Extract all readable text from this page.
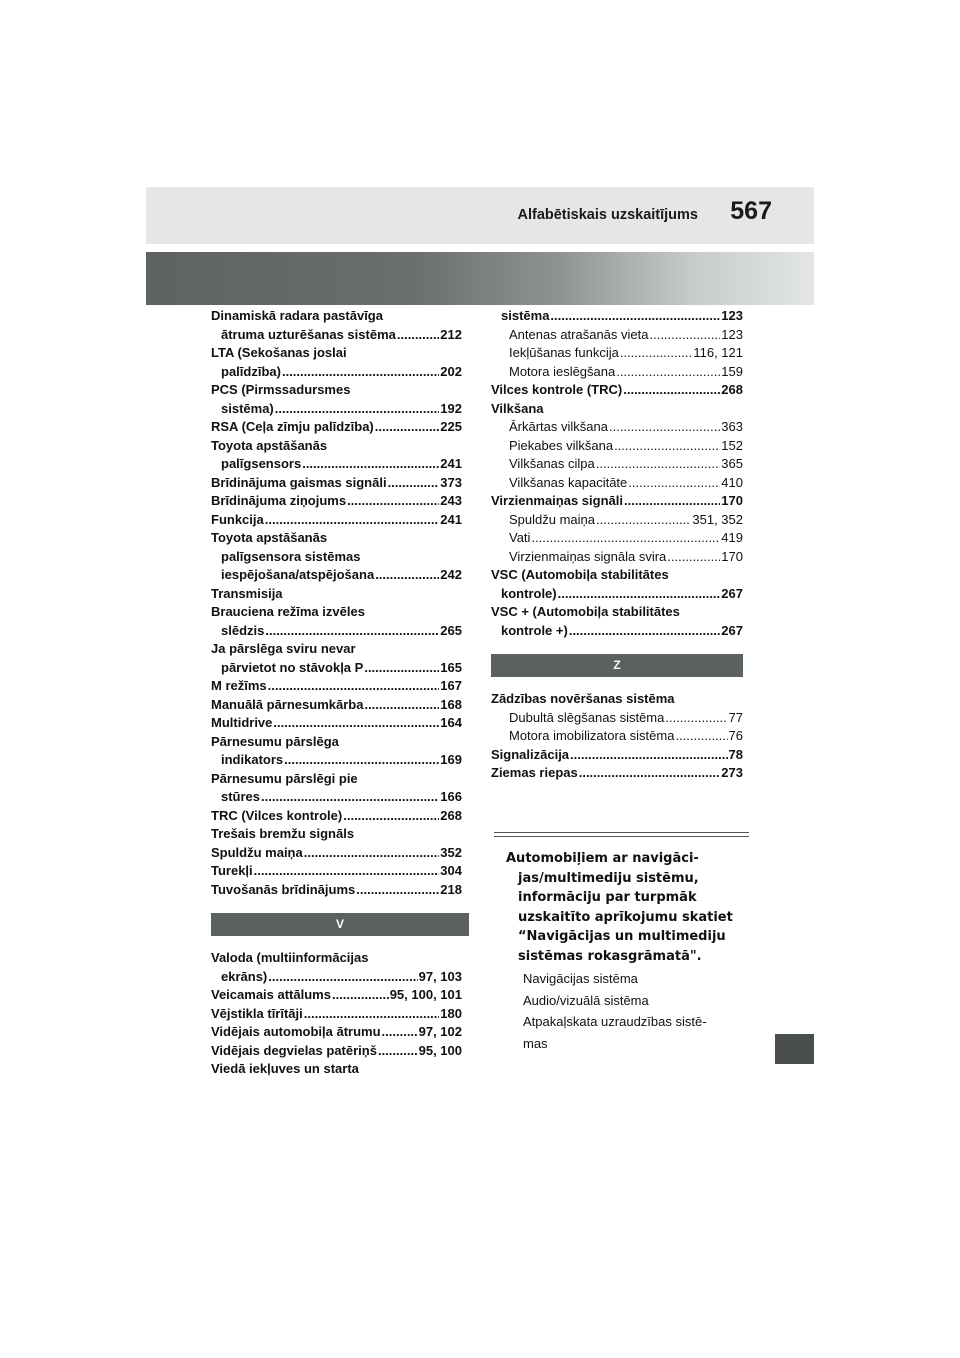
Alfabētiskais uzskaitījums 567
Dinamiskā radara pastāvīga
ātruma uzturēšanas sistēma .....	212
LTA (Sekošanas joslai
palīdzība) .....	202
PCS (Pirmssadursmes
sistēma) .....	192
RSA (Ceļa zīmju palīdzība) .....	225
Toyota apstāšanās
palīgsensors .....	241
Brīdinājuma gaismas signāli .....	373
Brīdinājuma ziņojums .....	243
Funkcija .....	241
Toyota apstāšanās
palīgsensora sistēmas
iespējošana/atspējošana .....	242
Transmisija
Brauciena režīma izvēles
slēdzis .....	265
Ja pārslēga sviru nevar
pārvietot no stāvokļa P .....	165
M režīms .....	167
Manuālā pārnesumkārba .....	168
Multidrive .....	164
Pārnesumu pārslēga
indikators .....	169
Pārnesumu pārslēgi pie
stūres .....	166
TRC (Vilces kontrole) .....	268
Trešais bremžu signāls
Spuldžu maiņa .....	352
Turekļi .....	304
Tuvošanās brīdinājums .....	218
V
Valoda (multiinformācijas
ekrāns) .....	97, 103
Veicamais attālums .....	95, 100, 101
Vējstikla tīrītāji .....	180
Vidējais automobiļa ātrumu .....	97, 102
Vidējais degvielas patēriņš .....	95, 100
Viedā iekļuves un starta
sistēma .....	123
Antenas atrašanās vieta .....	123
Iekļūšanas funkcija .....	116, 121
Motora ieslēgšana .....	159
Vilces kontrole (TRC) .....	268
Vilkšana
Ārkārtas vilkšana .....	363
Piekabes vilkšana .....	152
Vilkšanas cilpa .....	365
Vilkšanas kapacitāte .....	410
Virzienmaiņas signāli .....	170
Spuldžu maiņa .....	351, 352
Vati .....	419
Virzienmaiņas signāla svira .....	170
VSC (Automobiļa stabilitātes
kontrole) .....	267
VSC + (Automobiļa stabilitātes
kontrole +) .....	267
Z
Zādzības novēršanas sistēma
Dubultā slēgšanas sistēma .....	77
Motora imobilizatora sistēma .....	76
Signalizācija .....	78
Ziemas riepas .....	273
Automobiļiem ar navigāci-
jas/multimediju sistēmu,
informāciju par turpmāk
uzskaitīto aprīkojumu skatiet
“Navigācijas un multimediju
sistēmas rokasgrāmatā".
Navigācijas sistēma
Audio/vizuālā sistēma
Atpakaļskata uzraudzības sistē-
mas
